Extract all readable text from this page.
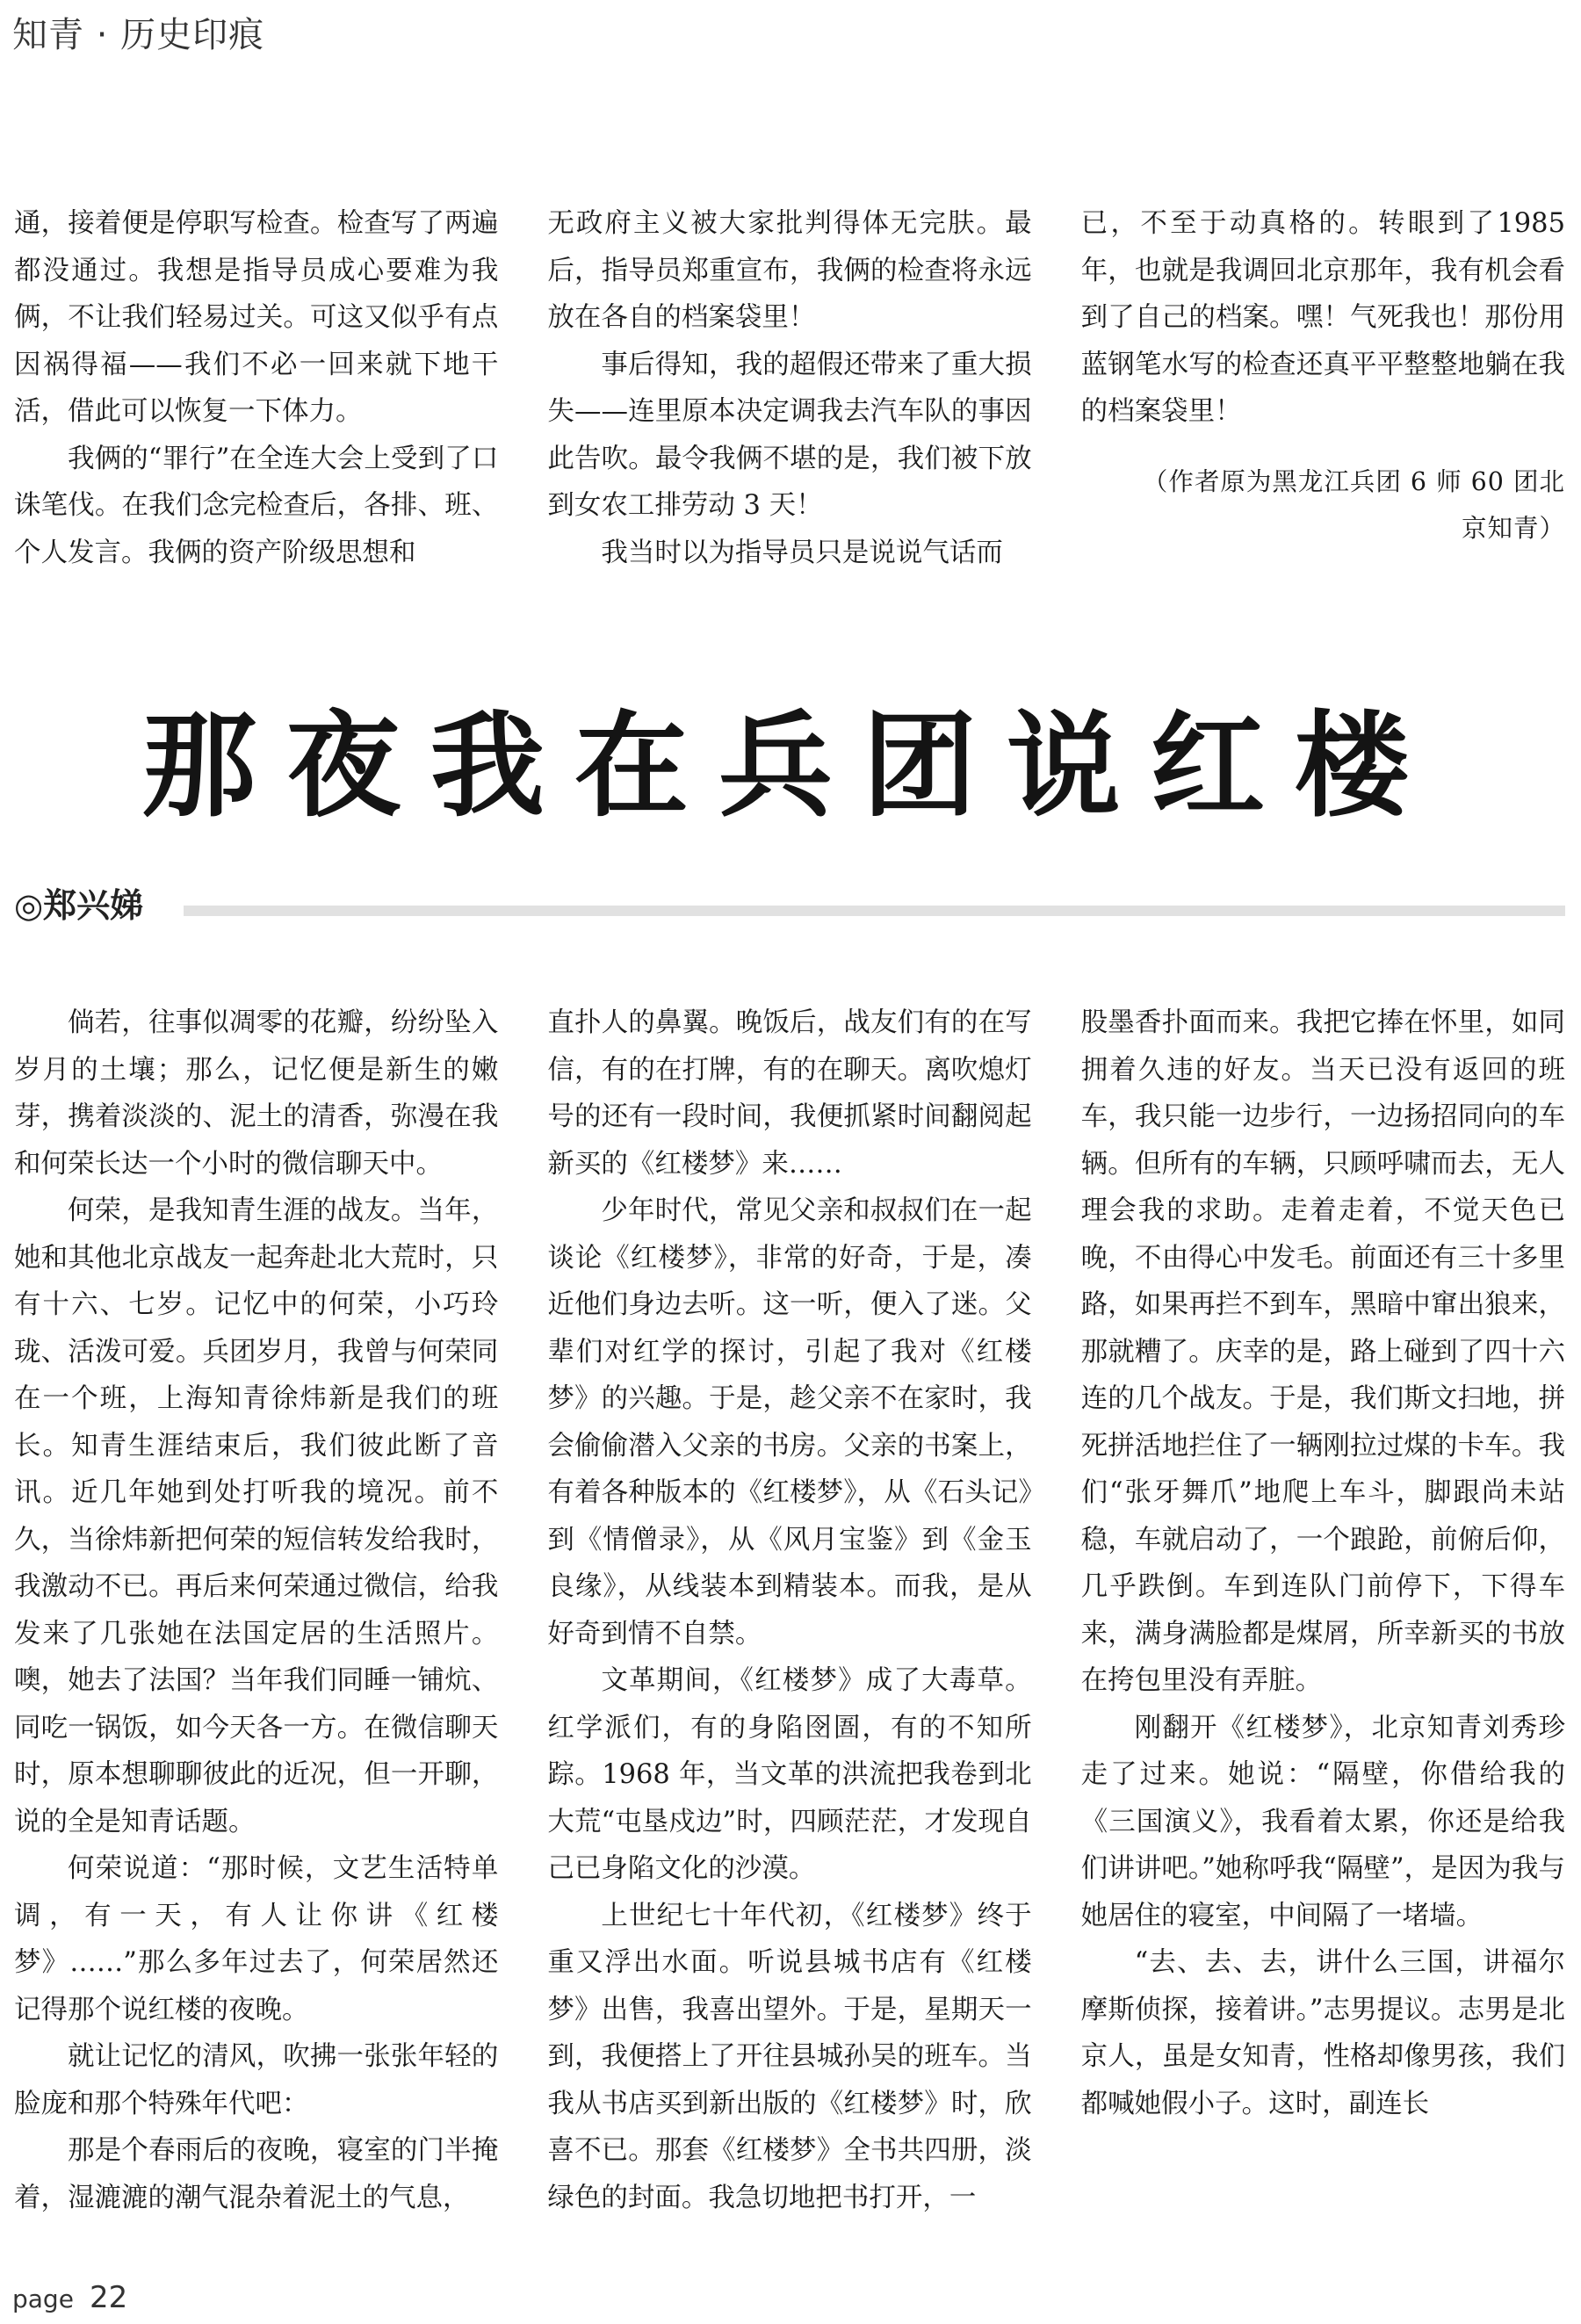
知青 · 历史印痕

通，接着便是停职写检查。检查写了两遍都没通过。我想是指导员成心要难为我俩，不让我们轻易过关。可这又似乎有点因祸得福——我们不必一回来就下地干活，借此可以恢复一下体力。

我俩的“罪行”在全连大会上受到了口诛笔伐。在我们念完检查后，各排、班、个人发言。我俩的资产阶级思想和

无政府主义被大家批判得体无完肤。最后，指导员郑重宣布，我俩的检查将永远放在各自的档案袋里！

事后得知，我的超假还带来了重大损失——连里原本决定调我去汽车队的事因此告吹。最令我俩不堪的是，我们被下放到女农工排劳动 3 天！

我当时以为指导员只是说说气话而

已，不至于动真格的。转眼到了1985年，也就是我调回北京那年，我有机会看到了自己的档案。嘿！气死我也！那份用蓝钢笔水写的检查还真平平整整地躺在我的档案袋里！

（作者原为黑龙江兵团 6 师 60 团北京知青）

那夜我在兵团说红楼
◎郑兴娣

倘若，往事似凋零的花瓣，纷纷坠入岁月的土壤；那么，记忆便是新生的嫩芽，携着淡淡的、泥土的清香，弥漫在我和何荣长达一个小时的微信聊天中。

何荣，是我知青生涯的战友。当年，她和其他北京战友一起奔赴北大荒时，只有十六、七岁。记忆中的何荣，小巧玲珑、活泼可爱。兵团岁月，我曾与何荣同在一个班，上海知青徐炜新是我们的班长。知青生涯结束后，我们彼此断了音讯。近几年她到处打听我的境况。前不久，当徐炜新把何荣的短信转发给我时，我激动不已。再后来何荣通过微信，给我发来了几张她在法国定居的生活照片。噢，她去了法国？当年我们同睡一铺炕、同吃一锅饭，如今天各一方。在微信聊天时，原本想聊聊彼此的近况，但一开聊，说的全是知青话题。

何荣说道：“那时候，文艺生活特单调，有一天，有人让你讲《红楼梦》……”那么多年过去了，何荣居然还记得那个说红楼的夜晚。

就让记忆的清风，吹拂一张张年轻的脸庞和那个特殊年代吧：

那是个春雨后的夜晚，寝室的门半掩着，湿漉漉的潮气混杂着泥土的气息，

直扑人的鼻翼。晚饭后，战友们有的在写信，有的在打牌，有的在聊天。离吹熄灯号的还有一段时间，我便抓紧时间翻阅起新买的《红楼梦》来……

少年时代，常见父亲和叔叔们在一起谈论《红楼梦》，非常的好奇，于是，凑近他们身边去听。这一听，便入了迷。父辈们对红学的探讨，引起了我对《红楼梦》的兴趣。于是，趁父亲不在家时，我会偷偷潜入父亲的书房。父亲的书案上，有着各种版本的《红楼梦》，从《石头记》到《情僧录》，从《风月宝鉴》到《金玉良缘》，从线装本到精装本。而我，是从好奇到情不自禁。

文革期间，《红楼梦》成了大毒草。红学派们，有的身陷囹圄，有的不知所踪。1968 年，当文革的洪流把我卷到北大荒“屯垦戍边”时，四顾茫茫，才发现自己已身陷文化的沙漠。

上世纪七十年代初，《红楼梦》终于重又浮出水面。听说县城书店有《红楼梦》出售，我喜出望外。于是，星期天一到，我便搭上了开往县城孙吴的班车。当我从书店买到新出版的《红楼梦》时，欣喜不已。那套《红楼梦》全书共四册，淡绿色的封面。我急切地把书打开，一

股墨香扑面而来。我把它捧在怀里，如同拥着久违的好友。当天已没有返回的班车，我只能一边步行，一边扬招同向的车辆。但所有的车辆，只顾呼啸而去，无人理会我的求助。走着走着，不觉天色已晚，不由得心中发毛。前面还有三十多里路，如果再拦不到车，黑暗中窜出狼来，那就糟了。庆幸的是，路上碰到了四十六连的几个战友。于是，我们斯文扫地，拼死拼活地拦住了一辆刚拉过煤的卡车。我们“张牙舞爪”地爬上车斗，脚跟尚未站稳，车就启动了，一个踉跄，前俯后仰，几乎跌倒。车到连队门前停下，下得车来，满身满脸都是煤屑，所幸新买的书放在挎包里没有弄脏。

刚翻开《红楼梦》，北京知青刘秀珍走了过来。她说：“隔壁，你借给我的《三国演义》，我看着太累，你还是给我们讲讲吧。”她称呼我“隔壁”，是因为我与她居住的寝室，中间隔了一堵墙。

“去、去、去，讲什么三国，讲福尔摩斯侦探，接着讲。”志男提议。志男是北京人，虽是女知青，性格却像男孩，我们都喊她假小子。这时，副连长

page 22
